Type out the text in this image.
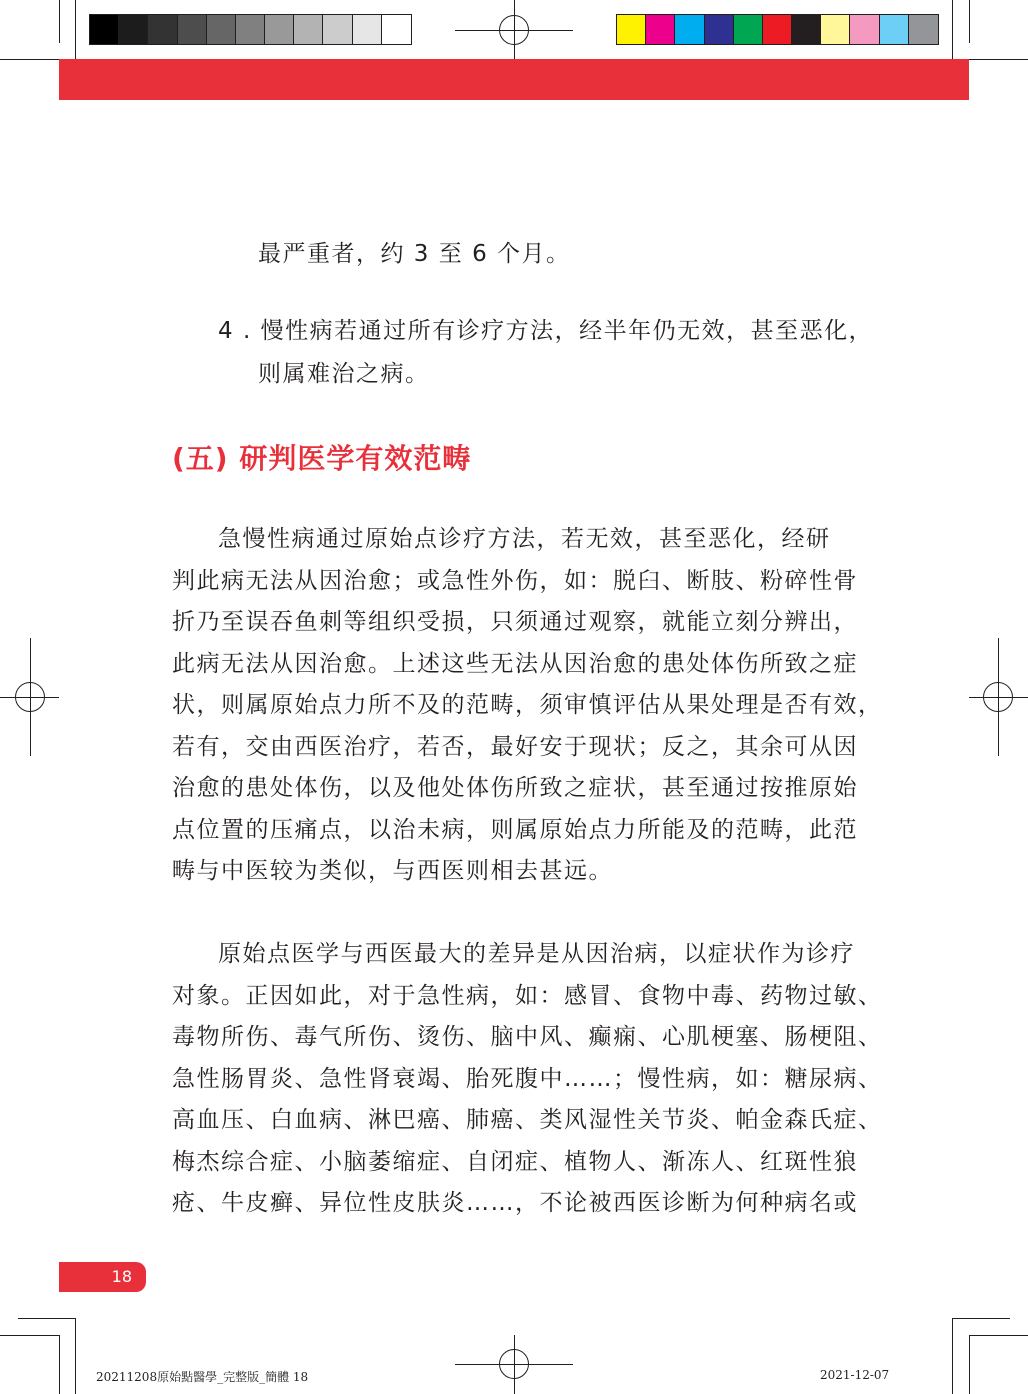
最严重者，约 3 至 6 个月。
4 . 慢性病若通过所有诊疗方法，经半年仍无效，甚至恶化，
则属难治之病。
(五) 研判医学有效范畴
急慢性病通过原始点诊疗方法，若无效，甚至恶化，经研
判此病无法从因治愈；或急性外伤，如：脱臼、断肢、粉碎性骨
折乃至误吞鱼刺等组织受损，只须通过观察，就能立刻分辨出，
此病无法从因治愈。上述这些无法从因治愈的患处体伤所致之症
状，则属原始点力所不及的范畴，须审慎评估从果处理是否有效，
若有，交由西医治疗，若否，最好安于现状；反之，其余可从因
治愈的患处体伤，以及他处体伤所致之症状，甚至通过按推原始
点位置的压痛点，以治未病，则属原始点力所能及的范畴，此范
畴与中医较为类似，与西医则相去甚远。
原始点医学与西医最大的差异是从因治病，以症状作为诊疗
对象。正因如此，对于急性病，如：感冒、食物中毒、药物过敏、
毒物所伤、毒气所伤、烫伤、脑中风、癫痫、心肌梗塞、肠梗阻、
急性肠胃炎、急性肾衰竭、胎死腹中……；慢性病，如：糖尿病、
高血压、白血病、淋巴癌、肺癌、类风湿性关节炎、帕金森氏症、
梅杰综合症、小脑萎缩症、自闭症、植物人、渐冻人、红斑性狼
疮、牛皮癣、异位性皮肤炎……，不论被西医诊断为何种病名或
18
20211208原始點醫學_完整版_簡體 18	2021-12-07
